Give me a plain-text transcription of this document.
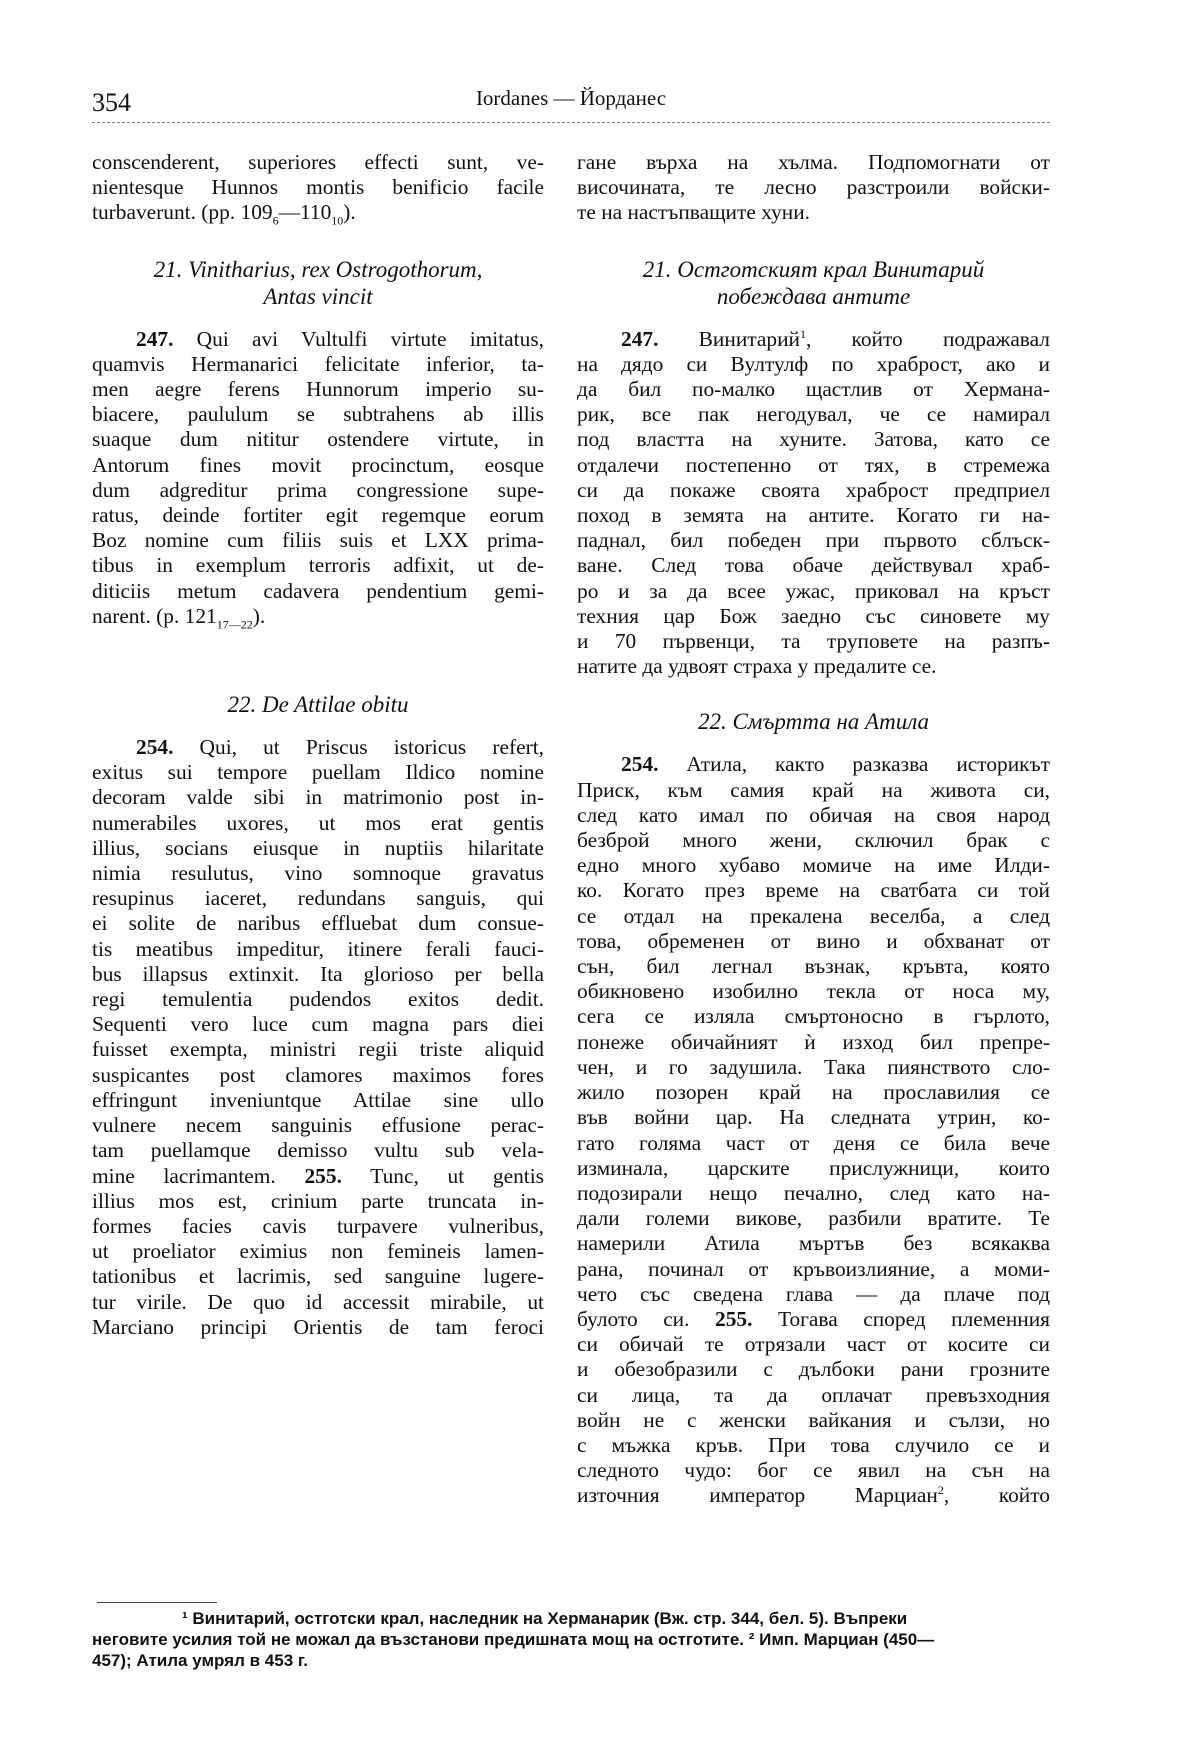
354	Iordanes — Йорданес

conscenderent, superiores effecti sunt, ve-
nientesque Hunnos montis benificio facile
turbaverunt. (pp. $109_6—110_{10}$).

21. Vinitharius, rex Ostrogothorum,
Antas vincit

247. Qui avi Vultulfi virtute imitatus,
quamvis Hermanarici felicitate inferior, ta-
men aegre ferens Hunnorum imperio su-
biacere, paululum se subtrahens ab illis
suaque dum nititur ostendere virtute, in
Antorum fines movit procinctum, eosque
dum adgreditur prima congressione supe-
ratus, deinde fortiter egit regemque eorum
Boz nomine cum filiis suis et LXX prima-
tibus in exemplum terroris adfixit, ut de-
diticiis metum cadavera pendentium gemi-
narent. (p. $121_{17—22}$).

22. De Attilae obitu

254. Qui, ut Priscus istoricus refert,
exitus sui tempore puellam Ildico nomine
decoram valde sibi in matrimonio post in-
numerabiles uxores, ut mos erat gentis
illius, socians eiusque in nuptiis hilaritate
nimia resulutus, vino somnoque gravatus
resupinus iaceret, redundans sanguis, qui
ei solite de naribus effluebat dum consue-
tis meatibus impeditur, itinere ferali fauci-
bus illapsus extinxit. Ita glorioso per bella
regi temulentia pudendos exitos dedit.
Sequenti vero luce cum magna pars diei
fuisset exempta, ministri regii triste aliquid
suspicantes post clamores maximos fores
effringunt inveniuntque Attilae sine ullo
vulnere necem sanguinis effusione perac-
tam puellamque demisso vultu sub vela-
mine lacrimantem. 255. Tunc, ut gentis
illius mos est, crinium parte truncata in-
formes facies cavis turpavere vulneribus,
ut proeliator eximius non femineis lamen-
tationibus et lacrimis, sed sanguine lugere-
tur virile. De quo id accessit mirabile, ut
Marciano principi Orientis de tam feroci

гане върха на хълма. Подпомогнати от
височината, те лесно разстроили войски-
те на настъпващите хуни.

21. Остготският крал Винитарий
побеждава антите

247. Винитарий$^1$, който подражавал
на дядо си Вултулф по храброст, ако и
да бил по-малко щастлив от Херманa-
рик, все пак негодувал, че се намирал
под властта на хуните. Затова, като се
отдалечи постепенно от тях, в стремежа
си да покаже своята храброст предприел
поход в земята на антите. Когато ги на-
паднал, бил победен при първото сблъск-
ване. След това обаче действувал храб-
ро и за да всее ужас, приковал на кръст
техния цар Бож заедно със синовете му
и 70 първенци, та труповете на разпъ-
натите да удвоят страха у предалите се.

22. Смъртта на Атила

254. Атила, както разказва историкът
Приск, към самия край на живота си,
след като имал по обичая на своя народ
безброй много жени, сключил брак с
едно много хубаво момиче на име Илди-
ко. Когато през време на сватбата си той
се отдал на прекалена веселба, а след
това, обременен от вино и обхванат от
сън, бил легнал възнак, кръвта, която
обикновено изобилно текла от носа му,
сега се изляла смъртоносно в гърлото,
понеже обичайният ѝ изход бил препре-
чен, и го задушила. Така пиянството сло-
жило позорен край на прославилия се
във войни цар. На следната утрин, ко-
гато голяма част от деня се била вече
изминала, царските прислужници, които
подозирали нещо печално, след като на-
дали големи викове, разбили вратите. Те
намерили Атила мъртъв без всякаква
рана, починал от кръвоизлияние, а моми-
чето със сведена глава — да плаче под
булото си. 255. Тогава според племенния
си обичай те отрязали част от косите си
и обезобразили с дълбоки рани грозните
си лица, та да оплачат превъзходния
войн не с женски вайкания и сълзи, но
с мъжка кръв. При това случило се и
следното чудо: бог се явил на сън на
източния император Марциан$^2$, който

¹ Винитарий, остготски крал, наследник на Херманарик (Вж. стр. 344, бел. 5). Въпреки
неговите усилия той не можал да възстанови предишната мощ на остготите. ² Имп. Марциан (450—
457); Атила умрял в 453 г.
